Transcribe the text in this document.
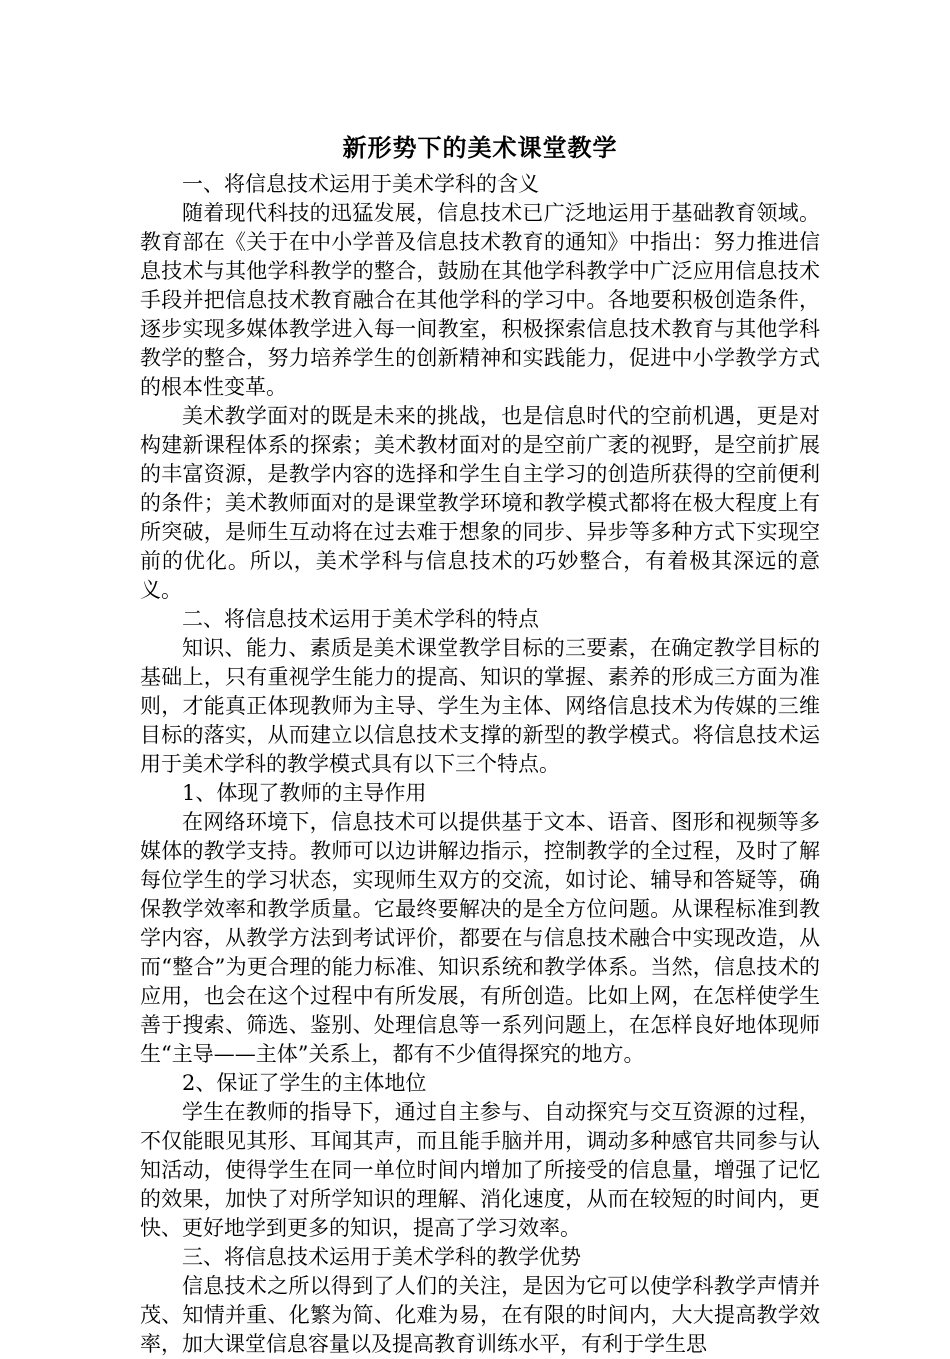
新形势下的美术课堂教学

一、将信息技术运用于美术学科的含义

随着现代科技的迅猛发展，信息技术已广泛地运用于基础教育领域。教育部在《关于在中小学普及信息技术教育的通知》中指出：努力推进信息技术与其他学科教学的整合，鼓励在其他学科教学中广泛应用信息技术手段并把信息技术教育融合在其他学科的学习中。各地要积极创造条件，逐步实现多媒体教学进入每一间教室，积极探索信息技术教育与其他学科教学的整合，努力培养学生的创新精神和实践能力，促进中小学教学方式的根本性变革。

美术教学面对的既是未来的挑战，也是信息时代的空前机遇，更是对构建新课程体系的探索；美术教材面对的是空前广袤的视野，是空前扩展的丰富资源，是教学内容的选择和学生自主学习的创造所获得的空前便利的条件；美术教师面对的是课堂教学环境和教学模式都将在极大程度上有所突破，是师生互动将在过去难于想象的同步、异步等多种方式下实现空前的优化。所以，美术学科与信息技术的巧妙整合，有着极其深远的意义。

二、将信息技术运用于美术学科的特点

知识、能力、素质是美术课堂教学目标的三要素，在确定教学目标的基础上，只有重视学生能力的提高、知识的掌握、素养的形成三方面为准则，才能真正体现教师为主导、学生为主体、网络信息技术为传媒的三维目标的落实，从而建立以信息技术支撑的新型的教学模式。将信息技术运用于美术学科的教学模式具有以下三个特点。

1、体现了教师的主导作用

在网络环境下，信息技术可以提供基于文本、语音、图形和视频等多媒体的教学支持。教师可以边讲解边指示，控制教学的全过程，及时了解每位学生的学习状态，实现师生双方的交流，如讨论、辅导和答疑等，确保教学效率和教学质量。它最终要解决的是全方位问题。从课程标准到教学内容，从教学方法到考试评价，都要在与信息技术融合中实现改造，从而“整合”为更合理的能力标准、知识系统和教学体系。当然，信息技术的应用，也会在这个过程中有所发展，有所创造。比如上网，在怎样使学生善于搜索、筛选、鉴别、处理信息等一系列问题上，在怎样良好地体现师生“主导——主体”关系上，都有不少值得探究的地方。

2、保证了学生的主体地位

学生在教师的指导下，通过自主参与、自动探究与交互资源的过程，不仅能眼见其形、耳闻其声，而且能手脑并用，调动多种感官共同参与认知活动，使得学生在同一单位时间内增加了所接受的信息量，增强了记忆的效果，加快了对所学知识的理解、消化速度，从而在较短的时间内，更快、更好地学到更多的知识，提高了学习效率。

三、将信息技术运用于美术学科的教学优势

信息技术之所以得到了人们的关注，是因为它可以使学科教学声情并茂、知情并重、化繁为简、化难为易，在有限的时间内，大大提高教学效率，加大课堂信息容量以及提高教育训练水平，有利于学生思
